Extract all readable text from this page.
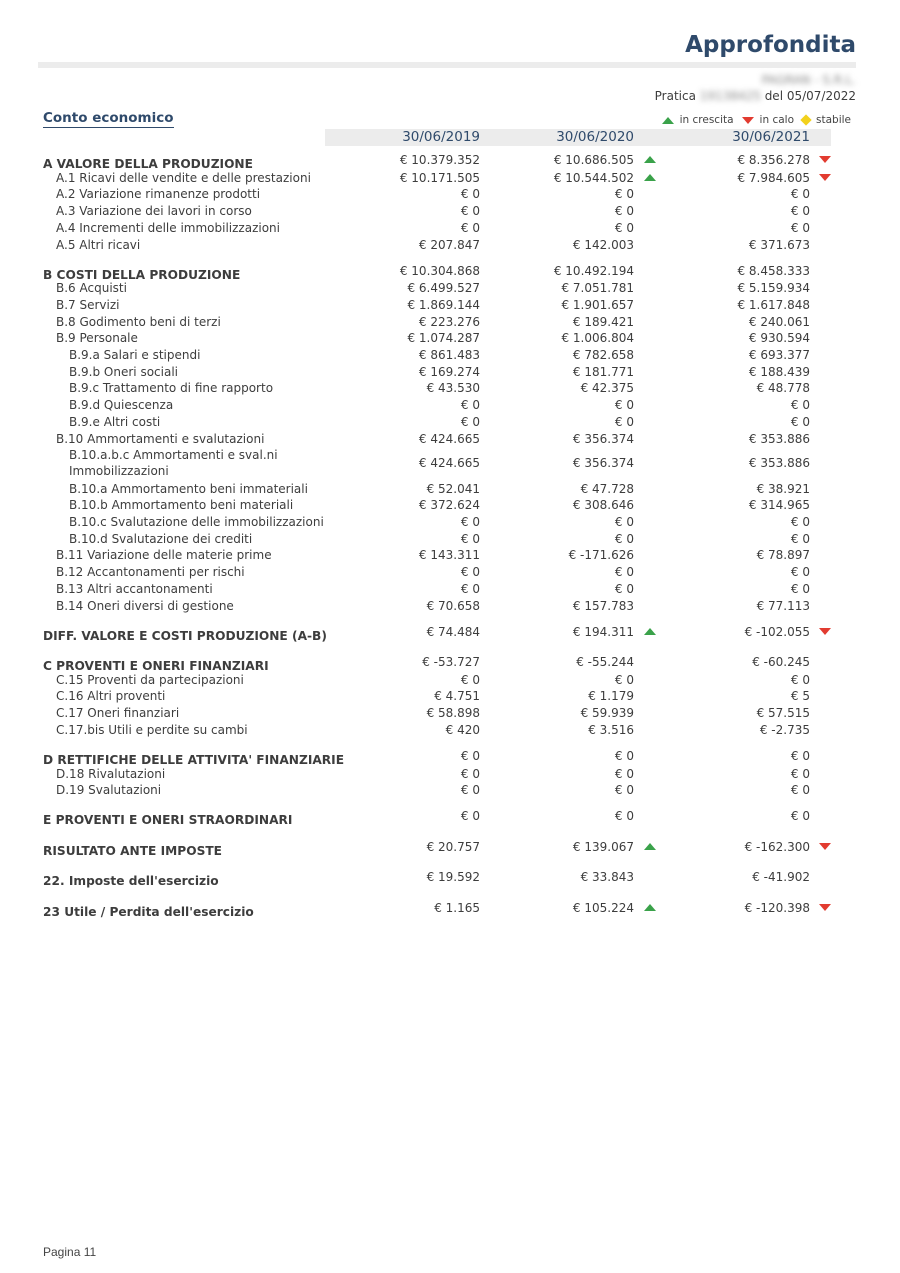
Approfondita
PAGRAN - S.R.L.
Pratica 19138425 del 05/07/2022
Conto economico	in crescita in calo stabile
30/06/2019	30/06/2020	30/06/2021
A VALORE DELLA PRODUZIONE	€ 10.379.352	€ 10.686.505	€ 8.356.278
A.1 Ricavi delle vendite e delle prestazioni	€ 10.171.505	€ 10.544.502	€ 7.984.605
A.2 Variazione rimanenze prodotti	€ 0	€ 0	€ 0
A.3 Variazione dei lavori in corso	€ 0	€ 0	€ 0
A.4 Incrementi delle immobilizzazioni	€ 0	€ 0	€ 0
A.5 Altri ricavi	€ 207.847	€ 142.003	€ 371.673
B COSTI DELLA PRODUZIONE	€ 10.304.868	€ 10.492.194	€ 8.458.333
B.6 Acquisti	€ 6.499.527	€ 7.051.781	€ 5.159.934
B.7 Servizi	€ 1.869.144	€ 1.901.657	€ 1.617.848
B.8 Godimento beni di terzi	€ 223.276	€ 189.421	€ 240.061
B.9 Personale	€ 1.074.287	€ 1.006.804	€ 930.594
B.9.a Salari e stipendi	€ 861.483	€ 782.658	€ 693.377
B.9.b Oneri sociali	€ 169.274	€ 181.771	€ 188.439
B.9.c Trattamento di fine rapporto	€ 43.530	€ 42.375	€ 48.778
B.9.d Quiescenza	€ 0	€ 0	€ 0
B.9.e Altri costi	€ 0	€ 0	€ 0
B.10 Ammortamenti e svalutazioni	€ 424.665	€ 356.374	€ 353.886
B.10.a.b.c Ammortamenti e sval.ni
Immobilizzazioni
€ 424.665	€ 356.374	€ 353.886
B.10.a Ammortamento beni immateriali	€ 52.041	€ 47.728	€ 38.921
B.10.b Ammortamento beni materiali	€ 372.624	€ 308.646	€ 314.965
B.10.c Svalutazione delle immobilizzazioni	€ 0	€ 0	€ 0
B.10.d Svalutazione dei crediti	€ 0	€ 0	€ 0
B.11 Variazione delle materie prime	€ 143.311	€ -171.626	€ 78.897
B.12 Accantonamenti per rischi	€ 0	€ 0	€ 0
B.13 Altri accantonamenti	€ 0	€ 0	€ 0
B.14 Oneri diversi di gestione	€ 70.658	€ 157.783	€ 77.113
DIFF. VALORE E COSTI PRODUZIONE (A-B)	€ 74.484	€ 194.311	€ -102.055
C PROVENTI E ONERI FINANZIARI	€ -53.727	€ -55.244	€ -60.245
C.15 Proventi da partecipazioni	€ 0	€ 0	€ 0
C.16 Altri proventi	€ 4.751	€ 1.179	€ 5
C.17 Oneri finanziari	€ 58.898	€ 59.939	€ 57.515
C.17.bis Utili e perdite su cambi	€ 420	€ 3.516	€ -2.735
D RETTIFICHE DELLE ATTIVITA' FINANZIARIE	€ 0	€ 0	€ 0
D.18 Rivalutazioni	€ 0	€ 0	€ 0
D.19 Svalutazioni	€ 0	€ 0	€ 0
E PROVENTI E ONERI STRAORDINARI	€ 0	€ 0	€ 0
RISULTATO ANTE IMPOSTE	€ 20.757	€ 139.067	€ -162.300
22. Imposte dell'esercizio	€ 19.592	€ 33.843	€ -41.902
23 Utile / Perdita dell'esercizio	€ 1.165	€ 105.224	€ -120.398
Pagina 11
